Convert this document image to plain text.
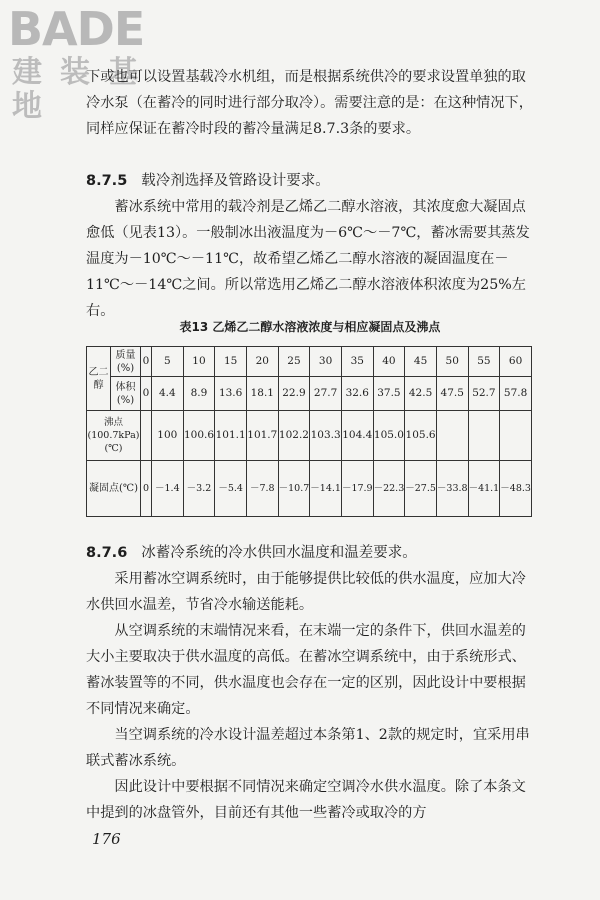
BADE
建装基地

下或也可以设置基载冷水机组，而是根据系统供冷的要求设置单独的取冷水泵（在蓄冷的同时进行部分取冷）。需要注意的是：在这种情况下，同样应保证在蓄冷时段的蓄冷量满足8.7.3条的要求。

8.7.5 载冷剂选择及管路设计要求。

蓄冰系统中常用的载冷剂是乙烯乙二醇水溶液，其浓度愈大凝固点愈低（见表13）。一般制冰出液温度为－6℃～－7℃，蓄冰需要其蒸发温度为－10℃～－11℃，故希望乙烯乙二醇水溶液的凝固温度在－11℃～－14℃之间。所以常选用乙烯乙二醇水溶液体积浓度为25%左右。

表13 乙烯乙二醇水溶液浓度与相应凝固点及沸点
乙二醇	质量(%)	0	5	10	15	20	25	30	35	40	45	50	55	60
	体积(%)	0	4.4	8.9	13.6	18.1	22.9	27.7	32.6	37.5	42.5	47.5	52.7	57.8
沸点(100.7kPa)(℃)			100	100.6	101.1	101.7	102.2	103.3	104.4	105.0	105.6			
凝固点(℃)		0	－1.4	－3.2	－5.4	－7.8	－10.7	－14.1	－17.9	－22.3	－27.5	－33.8	－41.1	－48.3

8.7.6 冰蓄冷系统的冷水供回水温度和温差要求。

采用蓄冰空调系统时，由于能够提供比较低的供水温度，应加大冷水供回水温差，节省冷水输送能耗。

从空调系统的末端情况来看，在末端一定的条件下，供回水温差的大小主要取决于供水温度的高低。在蓄冰空调系统中，由于系统形式、蓄冰装置等的不同，供水温度也会存在一定的区别，因此设计中要根据不同情况来确定。

当空调系统的冷水设计温差超过本条第1、2款的规定时，宜采用串联式蓄冰系统。

因此设计中要根据不同情况来确定空调冷水供水温度。除了本条文中提到的冰盘管外，目前还有其他一些蓄冷或取冷的方

176
